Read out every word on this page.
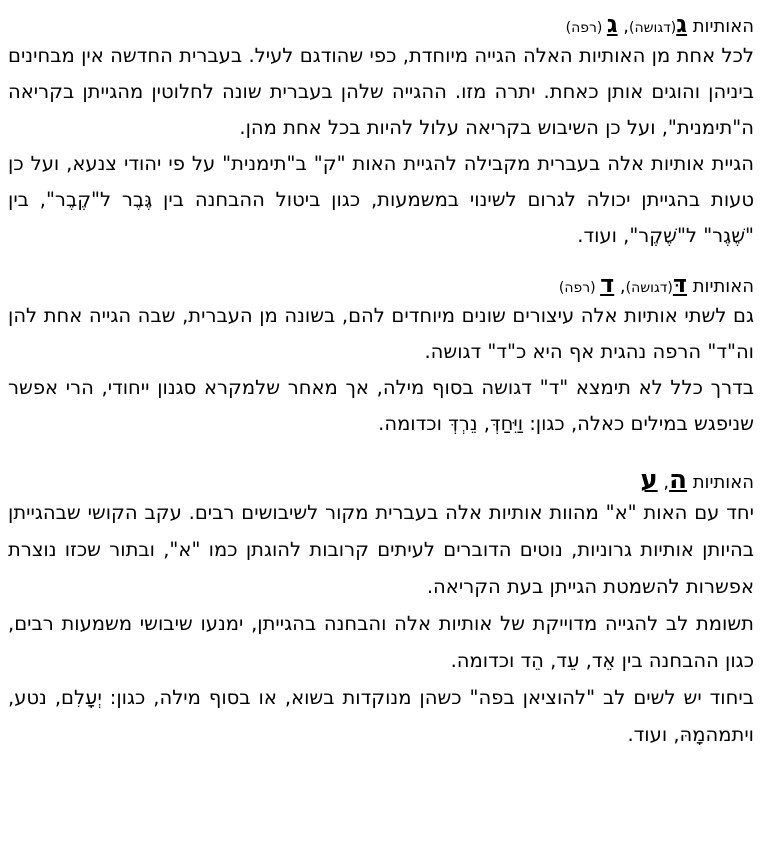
האותיות ג(דגושה), ג (רפה)

לכל אחת מן האותיות האלה הגייה מיוחדת, כפי שהודגם לעיל. בעברית החדשה אין מבחינים ביניהן והוגים אותן כאחת. יתרה מזו. ההגייה שלהן בעברית שונה לחלוטין מהגייתן בקריאה ה"תימנית", ועל כן השיבוש בקריאה עלול להיות בכל אחת מהן.

הגיית אותיות אלה בעברית מקבילה להגיית האות "ק" ב"תימנית" על פי יהודי צנעא, ועל כן טעות בהגייתן יכולה לגרום לשינוי במשמעות, כגון ביטול ההבחנה בין גֶּבֶר ל"קֶבֶר", בין "שֶׁגֶר" ל"שֶׁקֶר", ועוד.

האותיות דּ(דגושה), ד (רפה)

גם לשתי אותיות אלה עיצורים שונים מיוחדים להם, בשונה מן העברית, שבה הגייה אחת להן וה"ד" הרפה נהגית אף היא כ"ד" דגושה.

בדרך כלל לא תימצא "ד" דגושה בסוף מילה, אך מאחר שלמקרא סגנון ייחודי, הרי אפשר שניפגש במילים כאלה, כגון: וַיִּחַדְּ, נֵרְדְּ וכדומה.

האותיות ה, ע

יחד עם האות "א" מהוות אותיות אלה בעברית מקור לשיבושים רבים. עקב הקושי שבהגייתן בהיותן אותיות גרוניות, נוטים הדוברים לעיתים קרובות להוגתן כמו "א", ובתור שכזו נוצרת אפשרות להשמטת הגייתן בעת הקריאה.

תשומת לב להגייה מדוייקת של אותיות אלה והבחנה בהגייתן, ימנעו שיבושי משמעות רבים, כגון ההבחנה בין אֵד, עֵד, הֵד וכדומה.

ביחוד יש לשים לב "להוציאן בפה" כשהן מנוקדות בשוא, או בסוף מילה, כגון: יְעָלִם, נטע, ויתמהמָהּ, ועוד.
